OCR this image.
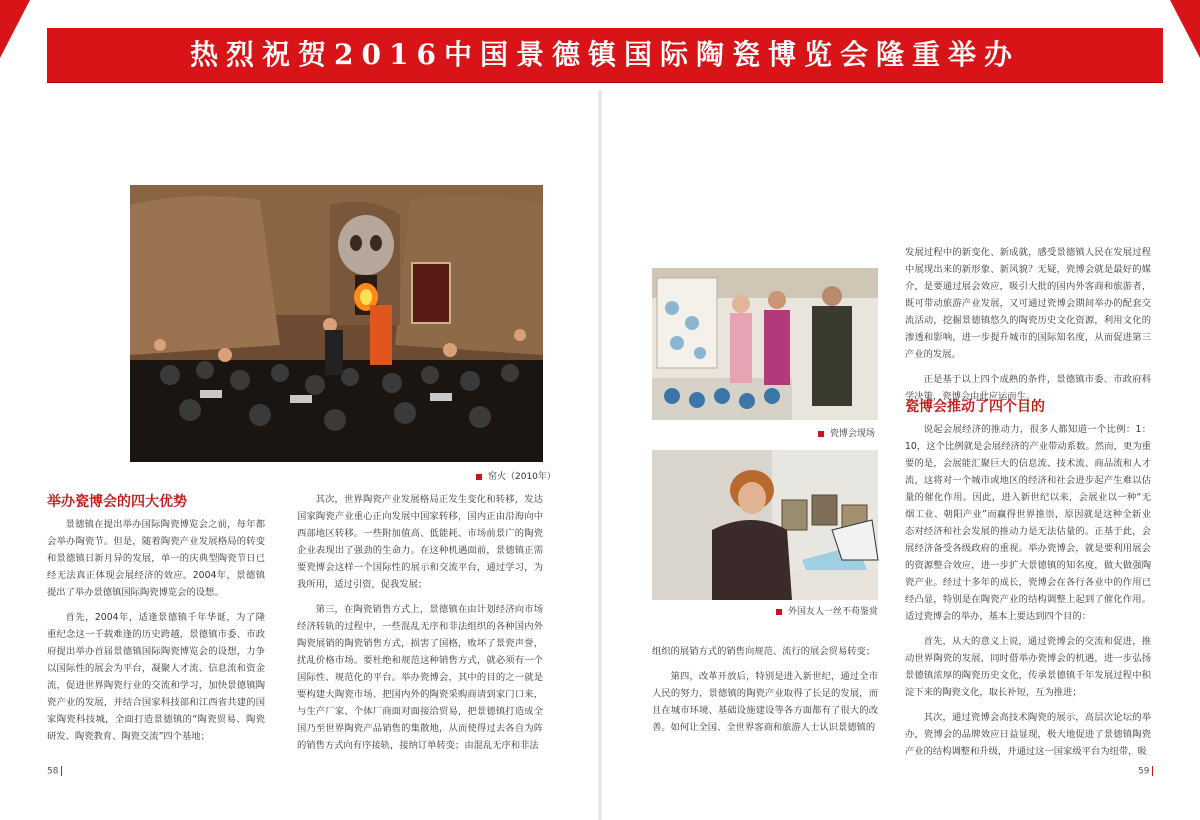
热烈祝贺2016中国景德镇国际陶瓷博览会隆重举办
窑火（2010年）
瓷博会现场
外国友人一丝不苟鉴赏
举办瓷博会的四大优势

景德镇在提出举办国际陶瓷博览会之前，每年都会举办陶瓷节。但是，随着陶瓷产业发展格局的转变和景德镇日新月异的发展，单一的庆典型陶瓷节日已经无法真正体现会展经济的效应。2004年，景德镇提出了举办景德镇国际陶瓷博览会的设想。

首先，2004年，适逢景德镇千年华诞，为了隆重纪念这一千载难逢的历史跨越，景德镇市委、市政府提出举办首届景德镇国际陶瓷博览会的设想，力争以国际性的展会为平台，凝聚人才流、信息流和资金流，促进世界陶瓷行业的交流和学习，加快景德镇陶瓷产业的发展，并结合国家科技部和江西省共建的国家陶瓷科技城，全面打造景德镇的“陶瓷贸易、陶瓷研发、陶瓷教育、陶瓷交流”四个基地；

其次，世界陶瓷产业发展格局正发生变化和转移，发达国家陶瓷产业重心正向发展中国家转移，国内正由沿海向中西部地区转移。一些附加值高、低能耗、市场前景广的陶瓷企业表现出了强劲的生命力。在这种机遇面前，景德镇正需要瓷博会这样一个国际性的展示和交流平台，通过学习，为我所用，适过引资，促我发展；

第三，在陶瓷销售方式上，景德镇在由计划经济向市场经济转轨的过程中，一些混乱无序和非法组织的各种国内外陶瓷展销的陶瓷销售方式，损害了国格，败坏了景瓷声誉，扰乱价格市场。要杜绝和规范这种销售方式，就必须有一个国际性、规范化的平台。举办瓷博会，其中的目的之一就是要构建大陶瓷市场、把国内外的陶瓷采购商请到家门口来，与生产厂家、个体厂商面对面接洽贸易，把景德镇打造成全国乃至世界陶瓷产品销售的集散地，从而使得过去各自为阵的销售方式向有序接轨，接纳订单转变；由混乱无序和非法

58

组织的展销方式的销售向规范、流行的展会贸易转变；

第四，改革开放后，特别是进入新世纪，通过全市人民的努力，景德镇的陶瓷产业取得了长足的发展，而且在城市环境、基础设施建设等各方面都有了很大的改善。如何让全国、全世界客商和旅游人士认识景德镇的

发展过程中的新变化、新成就，感受景德镇人民在发展过程中展现出来的新形象、新风貌？无疑，瓷博会就是最好的媒介，是要通过展会效应，吸引大批的国内外客商和旅游者，既可带动旅游产业发展，又可通过瓷博会期间举办的配套交流活动，挖掘景德镇悠久的陶瓷历史文化资源，利用文化的渗透和影响，进一步提升城市的国际知名度，从而促进第三产业的发展。

正是基于以上四个成熟的条件，景德镇市委、市政府科学决策，瓷博会由此应运而生。

瓷博会推动了四个目的

说起会展经济的推动力，很多人都知道一个比例：1：10，这个比例就是会展经济的产业带动系数。然而，更为重要的是，会展能汇聚巨大的信息流、技术流、商品流和人才流，这将对一个城市或地区的经济和社会进步起产生难以估量的催化作用。因此，进入新世纪以来，会展业以一种“无烟工业、朝阳产业”而赢得世界推崇，原因就是这种全新业态对经济和社会发展的推动力是无法估量的。正基于此，会展经济备受各级政府的重视。举办瓷博会，就是要利用展会的资源整合效应，进一步扩大景德镇的知名度，做大做强陶瓷产业。经过十多年的成长，瓷博会在各行各业中的作用已经凸显，特别是在陶瓷产业的结构调整上起到了催化作用。适过瓷博会的举办，基本上要达到四个目的：

首先，从大的意义上说，通过瓷博会的交流和促进，推动世界陶瓷的发展，同时借举办瓷博会的机遇，进一步弘扬景德镇浓厚的陶瓷历史文化，传承景德镇千年发展过程中积淀下来的陶瓷文化，取长补短，互为推进；

其次，通过瓷博会高技术陶瓷的展示，高层次论坛的举办，瓷博会的品牌效应日益显现，极大地促进了景德镇陶瓷产业的结构调整和升级，并通过这一国家级平台为纽带，吸

59
